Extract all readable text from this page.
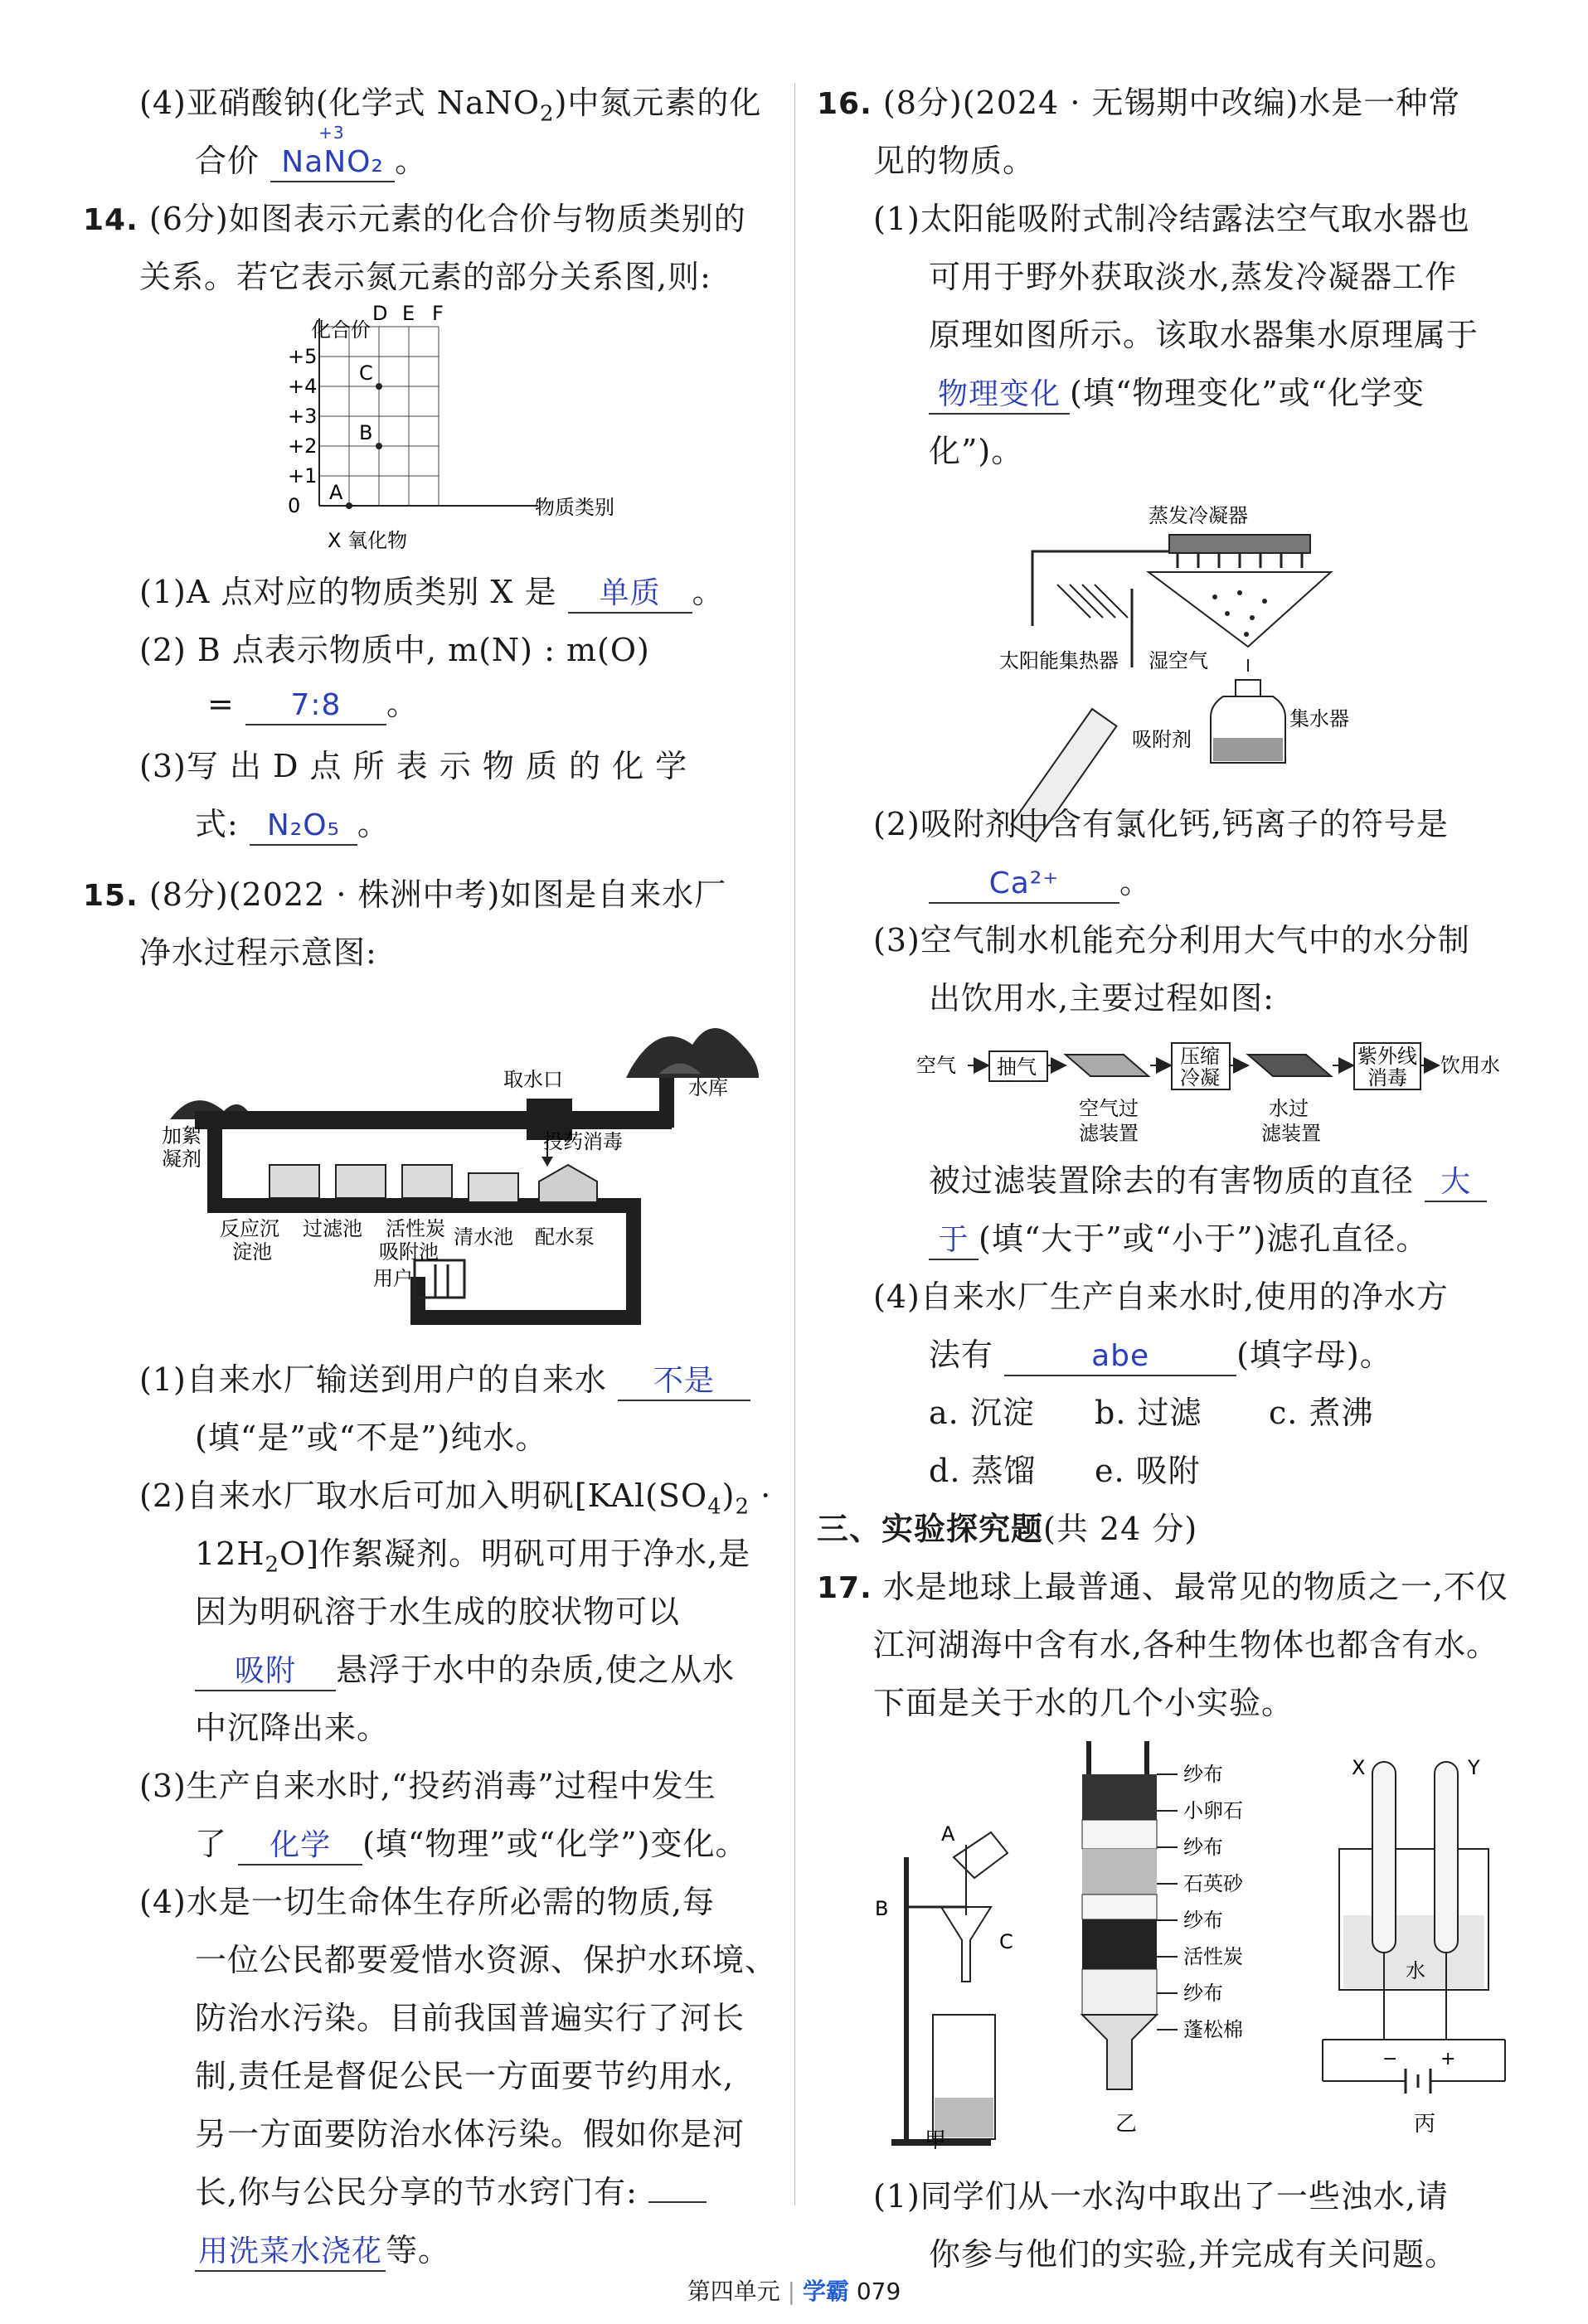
(4)亚硝酸钠(化学式 NaNO$_2$)中氮元素的化
合价
+3
NaNO₂ 。
14. (6分)如图表示元素的化合价与物质类别的
关系。若它表示氮元素的部分关系图,则:
+5
+4
+3
+2
+1
0
D E F
A
B
C
化合价
物质类别
X 氧化物
(1)A 点对应的物质类别 X 是 单质 。
(2) B 点表示物质中, m(N) : m(O)
= 7:8 。
(3)写 出 D 点 所 表 示 物 质 的 化 学
式: N₂O₅ 。
15. (8分)(2022 · 株洲中考)如图是自来水厂
净水过程示意图:
水库
取水口
投药消毒
加絮
凝剂
反应沉
淀池
过滤池 活性炭
吸附池
清水池 配水泵
用户
(1)自来水厂输送到用户的自来水 不是
(填“是”或“不是”)纯水。
(2)自来水厂取水后可加入明矾[$KAl(SO_4)_2$ ·
$12H_2O$]作絮凝剂。明矾可用于净水,是
因为明矾溶于水生成的胶状物可以
吸附 悬浮于水中的杂质,使之从水
中沉降出来。
(3)生产自来水时,“投药消毒”过程中发生
了 化学 (填“物理”或“化学”)变化。
(4)水是一切生命体生存所必需的物质,每
一位公民都要爱惜水资源、保护水环境、
防治水污染。目前我国普遍实行了河长
制,责任是督促公民一方面要节约用水,
另一方面要防治水体污染。假如你是河
长,你与公民分享的节水窍门有:
用洗菜水浇花 等。
16. (8分)(2024 · 无锡期中改编)水是一种常
见的物质。
(1)太阳能吸附式制冷结露法空气取水器也
可用于野外获取淡水,蒸发冷凝器工作
原理如图所示。该取水器集水原理属于
物理变化 (填“物理变化”或“化学变
化”)。
蒸发冷凝器
太阳能集热器 湿空气
吸附剂
集水器
(2)吸附剂中含有氯化钙,钙离子的符号是
Ca²⁺ 。
(3)空气制水机能充分利用大气中的水分制
出饮用水,主要过程如图:
空气 抽气
空气过
滤装置
压缩
冷凝
水过
滤装置
紫外线
消毒
饮用水
被过滤装置除去的有害物质的直径 大
于 (填“大于”或“小于”)滤孔直径。
(4)自来水厂生产自来水时,使用的净水方
法有	abe	(填字母)。
a. 沉淀 b. 过滤 c. 煮沸
d. 蒸馏 e. 吸附
三、实验探究题(共 24 分)
17. 水是地球上最普通、最常见的物质之一,不仅
江河湖海中含有水,各种生物体也都含有水。
下面是关于水的几个小实验。
纱布
小卵石
纱布
石英砂
纱布
活性炭
纱布
蓬松棉
甲
乙	丙
A
B
C
X	Y
水
− +
(1)同学们从一水沟中取出了一些浊水,请
你参与他们的实验,并完成有关问题。
第四单元 | 学霸 079
